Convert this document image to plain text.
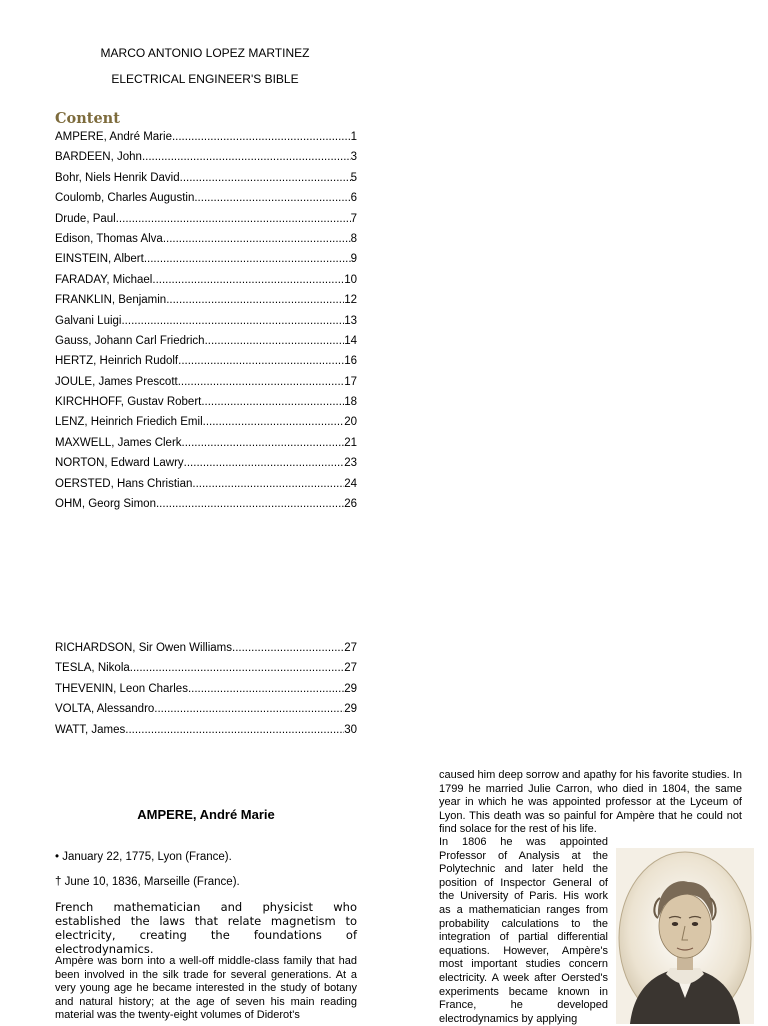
MARCO ANTONIO LOPEZ MARTINEZ
ELECTRICAL ENGINEER'S BIBLE
Content
AMPERE, André Marie .....	1
BARDEEN, John .....	3
Bohr, Niels Henrik David .....	5
Coulomb, Charles Augustin .....	6
Drude, Paul .....	7
Edison, Thomas Alva .....	8
EINSTEIN, Albert .....	9
FARADAY, Michael .....	10
FRANKLIN, Benjamin .....	12
Galvani Luigi .....	13
Gauss, Johann Carl Friedrich .....	14
HERTZ, Heinrich Rudolf .....	16
JOULE, James Prescott .....	17
KIRCHHOFF, Gustav Robert .....	18
LENZ, Heinrich Friedich Emil .....	20
MAXWELL, James Clerk .....	21
NORTON, Edward Lawry .....	23
OERSTED, Hans Christian .....	24
OHM, Georg Simon .....	26
RICHARDSON, Sir Owen Williams .....	27
TESLA, Nikola .....	27
THEVENIN, Leon Charles .....	29
VOLTA, Alessandro .....	29
WATT, James .....	30
AMPERE, André Marie
• January 22, 1775, Lyon (France).
† June 10, 1836, Marseille (France).
French mathematician and physicist who
established the laws that relate magnetism to
electricity, creating the foundations of
electrodynamics.
Ampère was born into a well-off middle-class family that had been involved in the silk trade for several generations. At a very young age he became interested in the study of botany and natural history; at the age of seven his main reading material was the twenty-eight volumes of Diderot's
caused him deep sorrow and apathy for his favorite studies. In 1799 he married Julie Carron, who died in 1804, the same year in which he was appointed professor at the Lyceum of Lyon. This death was so painful for Ampère that he could not find solace for the rest of his life.
In 1806 he was appointed Professor of Analysis at the Polytechnic and later held the position of Inspector General of the University of Paris. His work as a mathematician ranges from probability calculations to the integration of partial differential equations. However, Ampère's most important studies concern electricity. A week after Oersted's experiments became known in France, he developed electrodynamics by applying
